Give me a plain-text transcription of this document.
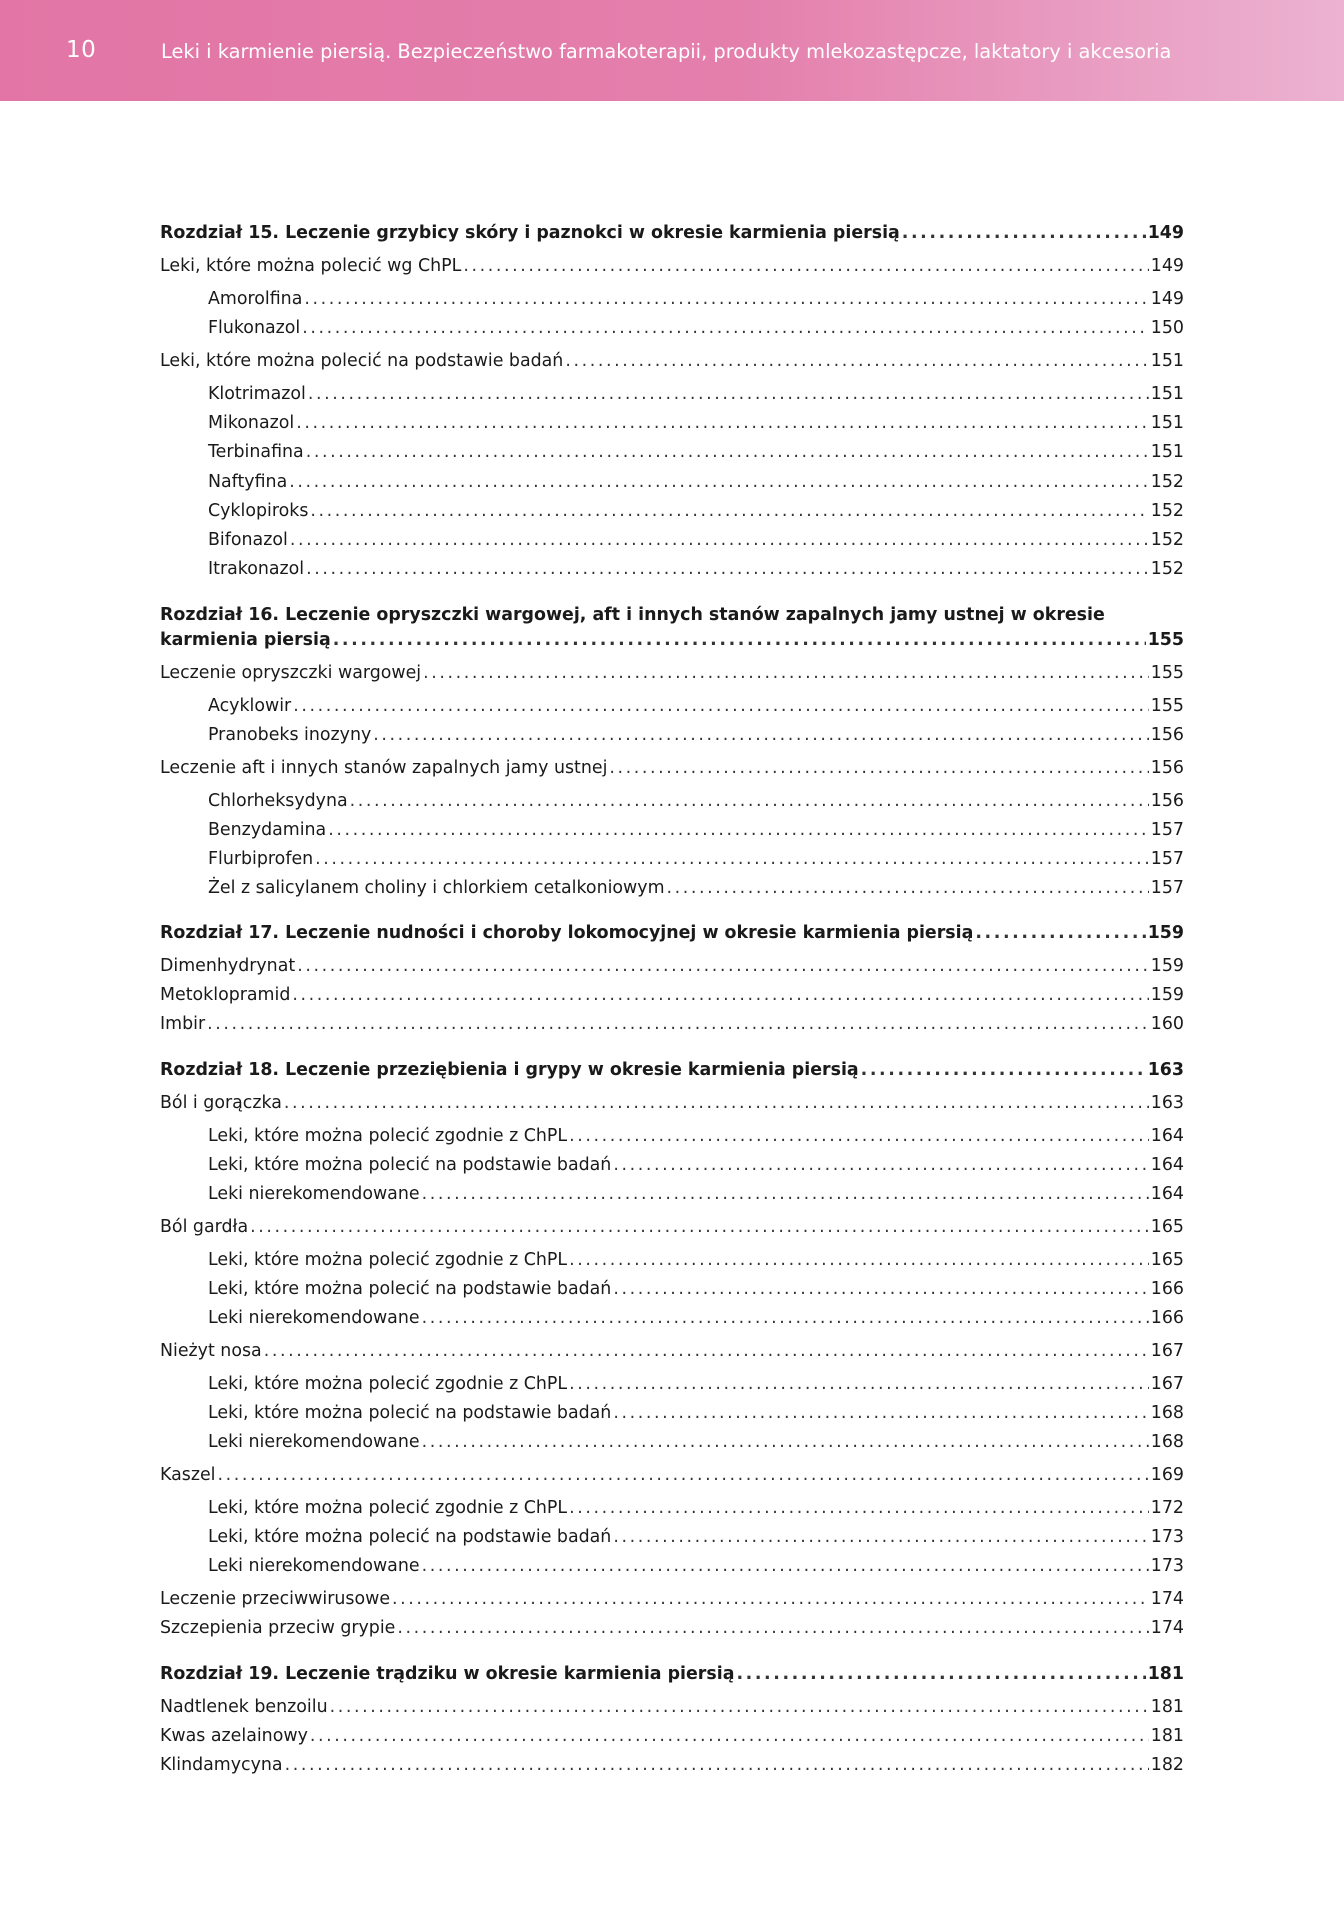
10	Leki i karmienie piersią. Bezpieczeństwo farmakoterapii, produkty mlekozastępcze, laktatory i akcesoria
Rozdział 15. Leczenie grzybicy skóry i paznokci w okresie karmienia piersią .....	149
Leki, które można polecić wg ChPL .....	149
Amorolfina .....	149
Flukonazol .....	150
Leki, które można polecić na podstawie badań .....	151
Klotrimazol .....	151
Mikonazol .....	151
Terbinafina .....	151
Naftyfina .....	152
Cyklopiroks .....	152
Bifonazol .....	152
Itrakonazol .....	152
Rozdział 16. Leczenie opryszczki wargowej, aft i innych stanów zapalnych jamy ustnej w okresie
karmienia piersią .....	155
Leczenie opryszczki wargowej .....	155
Acyklowir .....	155
Pranobeks inozyny .....	156
Leczenie aft i innych stanów zapalnych jamy ustnej .....	156
Chlorheksydyna .....	156
Benzydamina .....	157
Flurbiprofen .....	157
Żel z salicylanem choliny i chlorkiem cetalkoniowym .....	157
Rozdział 17. Leczenie nudności i choroby lokomocyjnej w okresie karmienia piersią .....	159
Dimenhydrynat .....	159
Metoklopramid .....	159
Imbir .....	160
Rozdział 18. Leczenie przeziębienia i grypy w okresie karmienia piersią .....	163
Ból i gorączka .....	163
Leki, które można polecić zgodnie z ChPL .....	164
Leki, które można polecić na podstawie badań .....	164
Leki nierekomendowane .....	164
Ból gardła .....	165
Leki, które można polecić zgodnie z ChPL .....	165
Leki, które można polecić na podstawie badań .....	166
Leki nierekomendowane .....	166
Nieżyt nosa .....	167
Leki, które można polecić zgodnie z ChPL .....	167
Leki, które można polecić na podstawie badań .....	168
Leki nierekomendowane .....	168
Kaszel .....	169
Leki, które można polecić zgodnie z ChPL .....	172
Leki, które można polecić na podstawie badań .....	173
Leki nierekomendowane .....	173
Leczenie przeciwwirusowe .....	174
Szczepienia przeciw grypie .....	174
Rozdział 19. Leczenie trądziku w okresie karmienia piersią .....	181
Nadtlenek benzoilu .....	181
Kwas azelainowy .....	181
Klindamycyna .....	182
